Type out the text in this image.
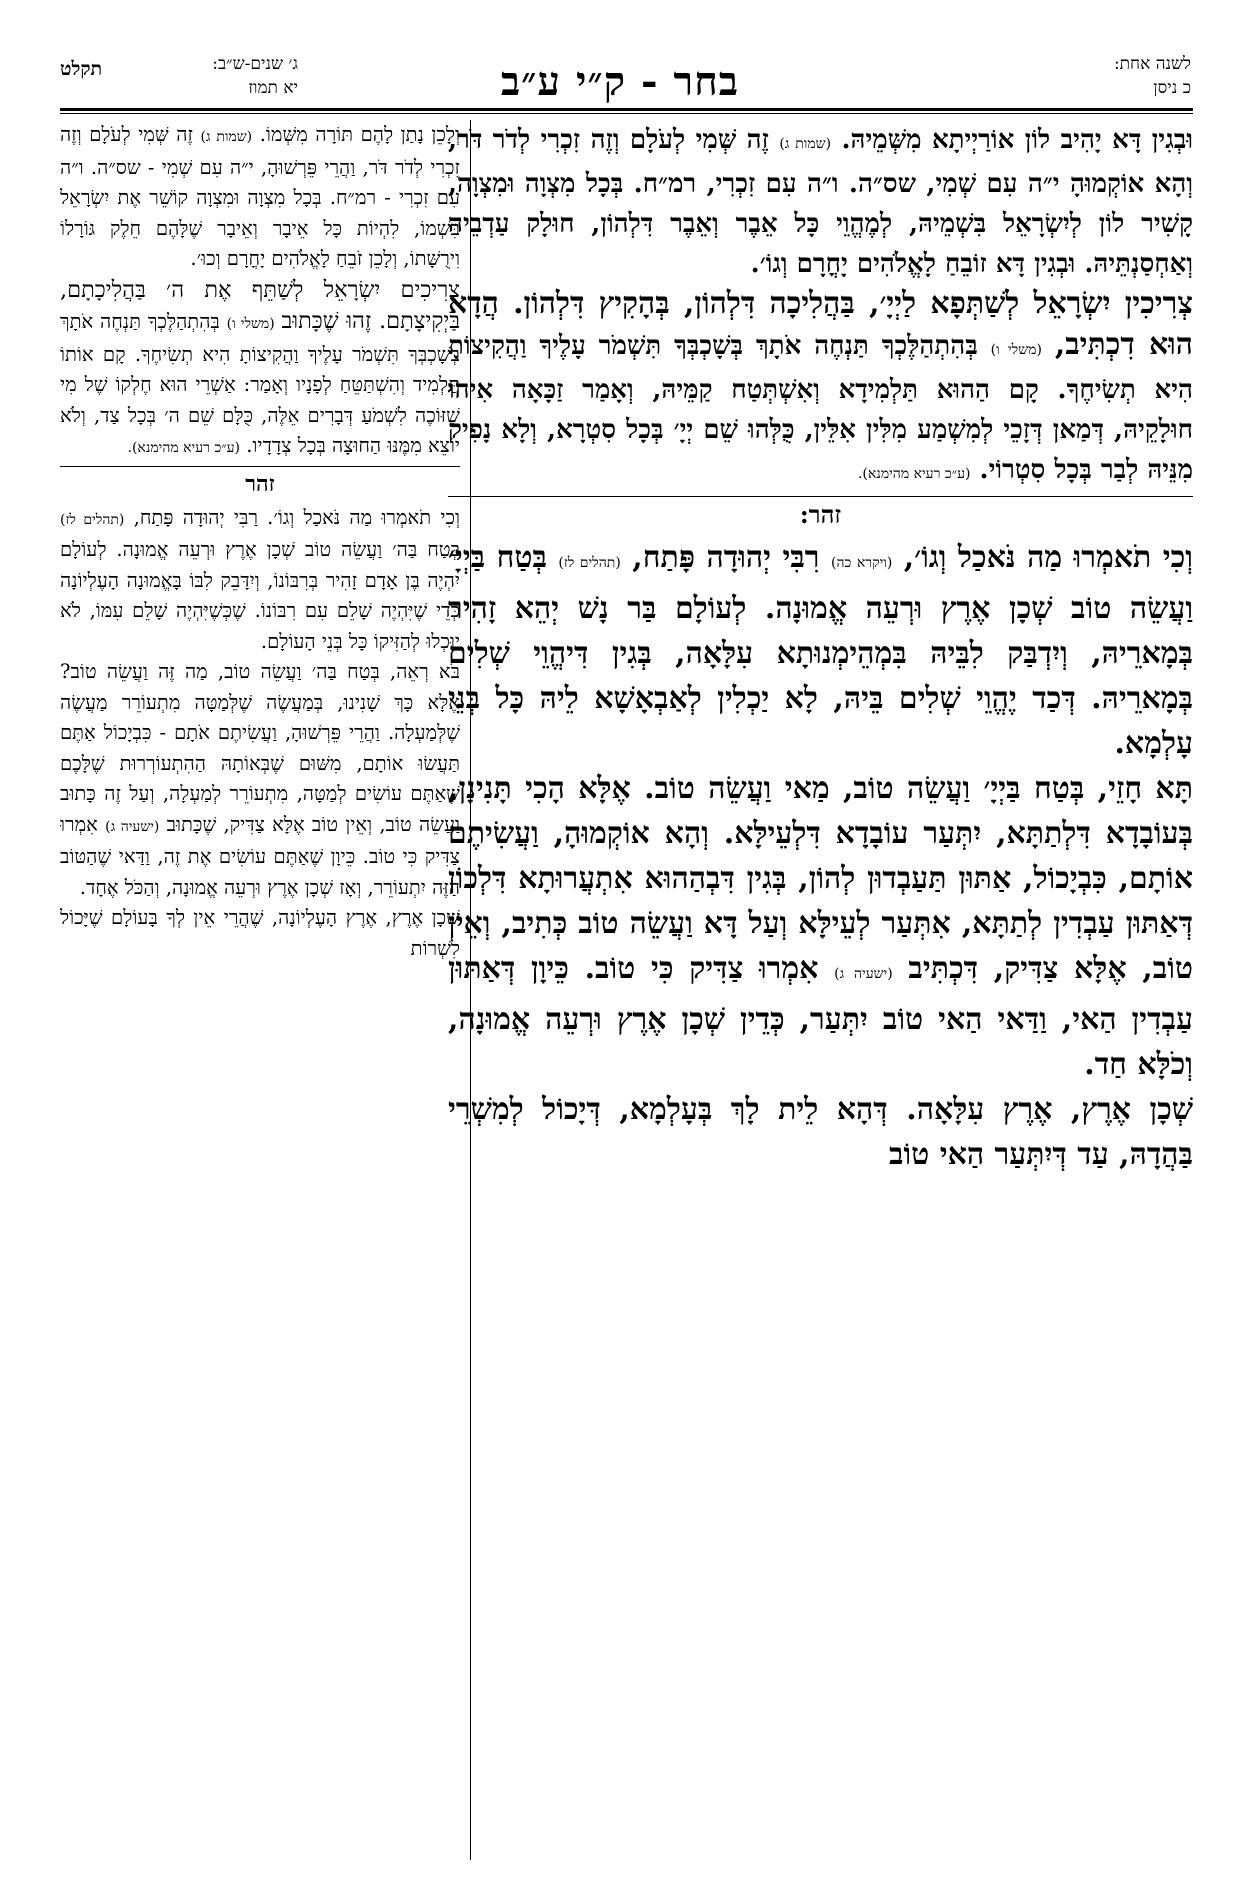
לשנה אחת:
כ ניסן
בחר - ק״י ע״ב
ג׳ שנים-ש״ב:
יא תמוז
תקלט

וּבְגִין דָּא יָהִיב לוֹן אוֹרַיְיתָא מִשְּׁמֵיהּ. (שמות ג) זֶה שְּׁמִי לְעֹלָם וְזֶה זִכְרִי לְדֹר דֹּר, וְהָא אוֹקְמוּהָ י״ה עִם שְׁמִי, שס״ה. ו״ה עִם זִכְרִי, רמ״ח. בְּכָל מִצְוָה וּמִצְוָה, קָשִׁיר לוֹן לְיִשְׂרָאֵל בִּשְׁמֵיהּ, לְמֶהֱוֵי כָּל אֵבֶר וְאֵבֶר דִּלְהוֹן, חוּלָק עַדְבֵיהּ וְאַחְסַנְתֵּיהּ. וּבְגִין דָּא זוֹבֵחַ לָאֱלֹהִים יָחֳרָם וְגוֹ׳.

צְרִיכִין יִשְׂרָאֵל לְשַׁתְּפָא לַיְיָ׳, בַּהֲלִיכָה דִּלְהוֹן, בְּהָקִיץ דִּלְהוֹן. הֲדָא הוּא דִכְתִּיב, (משלי ו) בְּהִתְהַלֶּכְךָ תַּנְחֶה אֹתָךְ בְּשָׁכְבְּךָ תִּשְׁמֹר עָלֶיךָ וַהֲקִיצוֹתָ הִיא תְשִׂיחֶךָ. קָם הַהוּא תַּלְמִידָא וְאִשְׁתְּטַח קַמֵּיהּ, וְאָמַר זַכָּאָה אִיהוּ חוּלָקֵיהּ, דְּמַאן דְּזָכֵי לְמִשְׁמַע מִלִּין אִלֵּין, כֻּלְּהוּ שֵׁם יְיָ׳ בְּכָל סִטְרָא, וְלָא נָפִיק מִנֵּיהּ לְבַר בְּכָל סִטְרוֹי. (ע״כ רעיא מהימנא).

זהר:

וְכִי תֹאמְרוּ מַה נֹּאכַל וְגוֹ׳, (ויקרא כה) רִבִּי יְהוּדָה פָּתַח, (תהלים לז) בְּטַח בַּיְיָ׳ וַעֲשֵׂה טוֹב שְׁכָן אֶרֶץ וּרְעֵה אֱמוּנָה. לְעוֹלָם בַּר נָשׁ יְהֵא זָהִיר בְּמָארֵיהּ, וְיִדְבַּק לִבֵּיהּ בִּמְהֵימְנוּתָא עִלָּאָה, בְּגִין דִּיהֱוֵי שְׁלִים בְּמָארֵיהּ. דְּכַד יֶהֱוֵי שְׁלִים בֵּיהּ, לָא יַכְלִין לְאַבְאָשָׁא לֵיהּ כָּל בְּנֵי עָלְמָא.

תָּא חָזֵי, בְּטַח בַּיְיָ׳ וַעֲשֵׂה טוֹב, מַאי וַעֲשֵׂה טוֹב. אֶלָּא הָכִי תָּנִינָן, בְּעוֹבָדָא דִּלְתַתָּא, יִתְּעַר עוֹבָדָא דִּלְעֵילָּא. וְהָא אוֹקְמוּהָ, וַעֲשִׂיתֶם אוֹתָם, כִּבְיָכוֹל, אַתּוּן תַּעַבְדוּן לְהוֹן, בְּגִין דִּבְהַהוּא אִתְעֲרוּתָא דִּלְכוֹן דְּאַתּוּן עַבְדִין לְתַתָּא, אִתְּעַר לְעֵילָּא וְעַל דָּא וַעֲשֵׂה טוֹב כְּתִיב, וְאֵין טוֹב, אֶלָּא צַדִּיק, דִּכְתִּיב (ישעיה ג) אִמְרוּ צַדִּיק כִּי טוֹב. כֵּיוָן דְּאַתּוּן עַבְדִין הַאי, וַדַּאי הַאי טוֹב יִתְּעַר, כְּדֵין שְׁכָן אֶרֶץ וּרְעֵה אֱמוּנָה, וְכֹלָּא חַד.

שְׁכָן אֶרֶץ, אֶרֶץ עִלָּאָה. דְּהָא לֵית לָךְ בְּעָלְמָא, דְּיָכוֹל לְמִשְׁרֵי בַּהֲדָהּ, עַד דְּיִתְּעַר הַאי טוֹב

וְלָכֵן נָתַן לָהֶם תּוֹרָה מִשְּׁמוֹ. (שמות ג) זֶה שְּׁמִי לְעֹלָם וְזֶה זִכְרִי לְדֹר דֹּר, וַהֲרֵי פֵּרְשׁוּהָ, י״ה עִם שְׁמִי - שס״ה. ו״ה עִם זִכְרִי - רמ״ח. בְּכָל מִצְוָה וּמִצְוָה קוֹשֵׁר אֶת יִשְׂרָאֵל בִּשְׁמוֹ, לִהְיוֹת כָּל אֵיבָר וְאֵיבָר שֶׁלָּהֶם חֵלֶק גּוֹרָלוֹ וִירֻשָּׁתוֹ, וְלָכֵן זֹבֵחַ לָאֱלֹהִים יָחֳרָם וְכוּ׳.

צְרִיכִים יִשְׂרָאֵל לְשַׁתֵּף אֶת ה׳ בַּהֲלִיכָתָם, בַּיְקִיצָתָם. זֶהוּ שֶׁכָּתוּב (משלי ו) בְּהִתְהַלֶּכְךָ תַּנְחֶה אֹתָךְ בְּשָׁכְבְּךָ תִּשְׁמֹר עָלֶיךָ וַהֲקִיצוֹתָ הִיא תְשִׂיחֶךָ. קָם אוֹתוֹ תַּלְמִיד וְהִשְׁתַּטֵּחַ לְפָנָיו וְאָמַר: אַשְׁרֵי הוּא חֶלְקוֹ שֶׁל מִי שֶׁזּוֹכֶה לִשְׁמֹעַ דְּבָרִים אֵלֶּה, כֻּלָּם שֵׁם ה׳ בְּכָל צַד, וְלֹא יוֹצֵא מִמֶּנּוּ הַחוּצָה בְּכָל צְדָדָיו. (ע״כ רעיא מהימנא).

זהר

וְכִי תֹאמְרוּ מַה נֹּאכַל וְגוֹ׳. רַבִּי יְהוּדָה פָּתַח, (תהלים לז) בְּטַח בַּה׳ וַעֲשֵׂה טוֹב שְׁכָן אֶרֶץ וּרְעֵה אֱמוּנָה. לְעוֹלָם יִהְיֶה בֶּן אָדָם זָהִיר בְּרִבּוֹנוֹ, וְיִדָּבֵק לִבּוֹ בָּאֱמוּנָה הָעֶלְיוֹנָה כְּדֵי שֶׁיִּהְיֶה שָׁלֵם עִם רִבּוֹנוֹ. שֶׁכְּשֶׁיִּהְיֶה שָׁלֵם עִמּוֹ, לֹא יוּכְלוּ לְהַזִּיקוֹ כָּל בְּנֵי הָעוֹלָם.

בֹּא רְאֵה, בְּטַח בַּה׳ וַעֲשֵׂה טוֹב, מַה זֶּה וַעֲשֵׂה טוֹב? אֶלָּא כָּךְ שָׁנִינוּ, בְּמַעֲשֶׂה שֶׁלְּמַטָּה מִתְעוֹרֵר מַעֲשֶׂה שֶׁלְּמַעְלָה. וַהֲרֵי פֵּרְשׁוּהָ, וַעֲשִׂיתֶם אֹתָם - כִּבְיָכוֹל אַתֶּם תַּעֲשׂוּ אוֹתָם, מִשּׁוּם שֶׁבְּאוֹתָהּ הַהִתְעוֹרְרוּת שֶׁלָּכֶם שֶׁאַתֶּם עוֹשִׂים לְמַטָּה, מִתְעוֹרֵר לְמַעְלָה, וְעַל זֶה כָּתוּב וַעֲשֵׂה טוֹב, וְאֵין טוֹב אֶלָּא צַדִּיק, שֶׁכָּתוּב (ישעיה ג) אִמְרוּ צַדִּיק כִּי טוֹב. כֵּיוָן שֶׁאַתֶּם עוֹשִׂים אֶת זֶה, וַדַּאי שֶׁהַטּוֹב הַזֶּה יִתְעוֹרֵר, וְאָז שְׁכָן אֶרֶץ וּרְעֵה אֱמוּנָה, וְהַכֹּל אֶחָד.

שְׁכָן אֶרֶץ, אֶרֶץ הָעֶלְיוֹנָה, שֶׁהֲרֵי אֵין לְךָ בָּעוֹלָם שֶׁיָּכוֹל לִשְׁרוֹת
